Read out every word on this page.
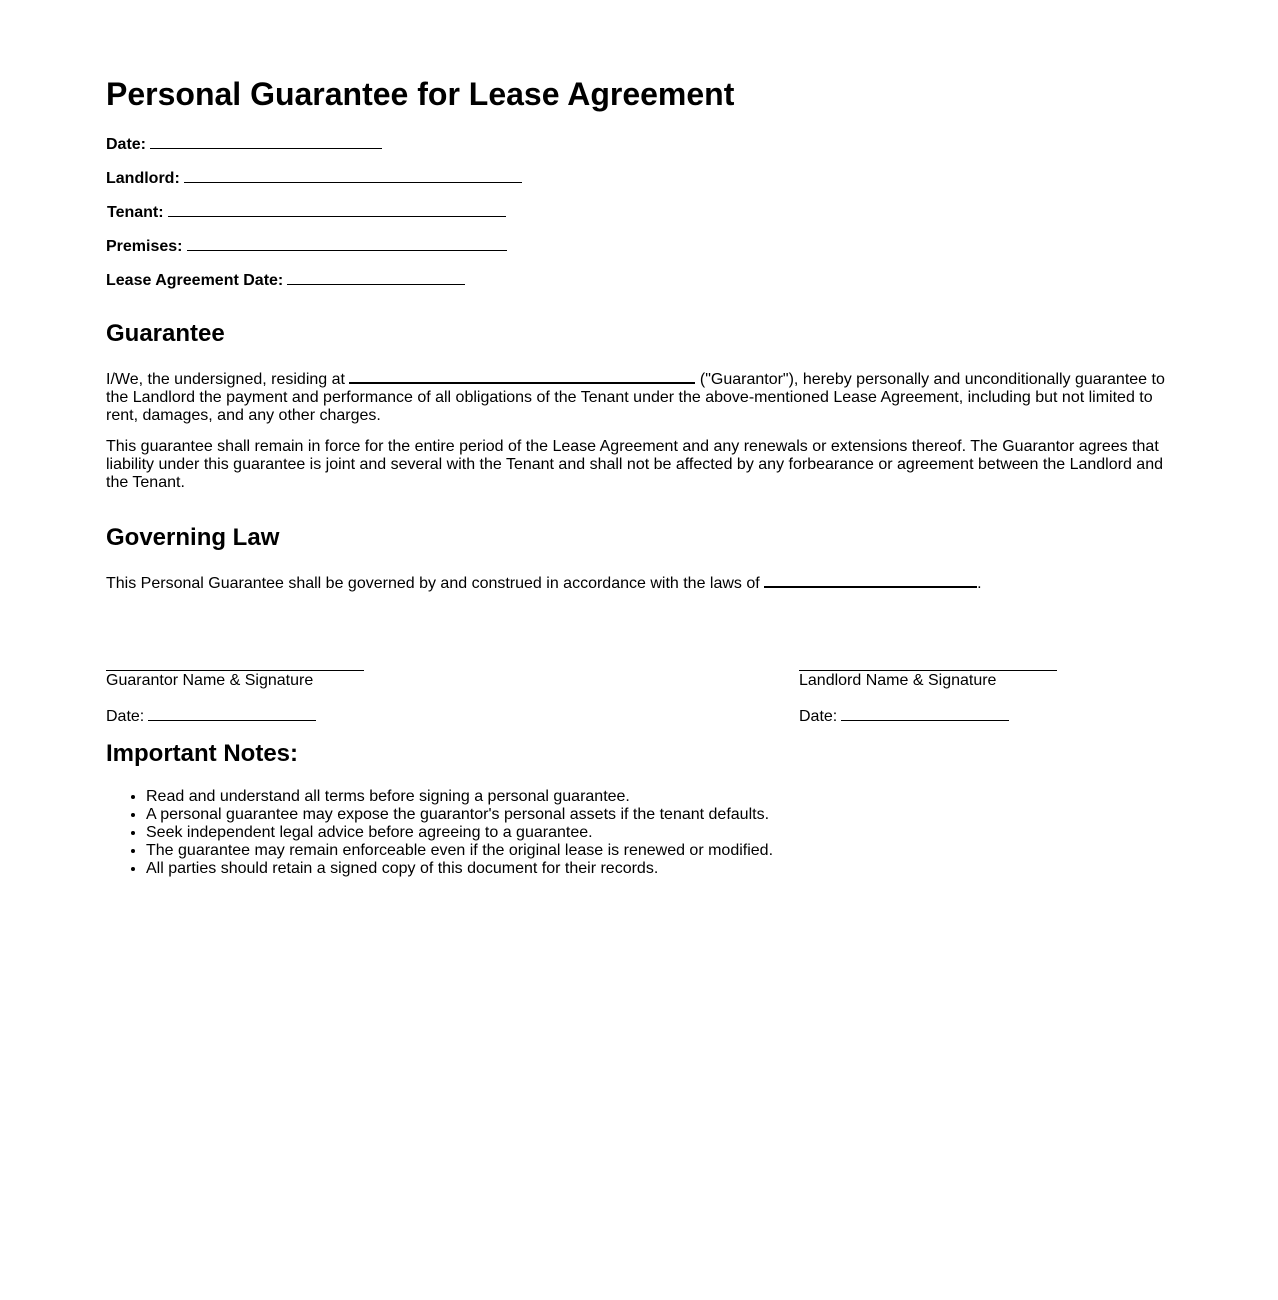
Personal Guarantee for Lease Agreement
Date:
Landlord:
Tenant:
Premises:
Lease Agreement Date:
Guarantee

I/We, the undersigned, residing at	("Guarantor"), hereby personally and unconditionally guarantee to the Landlord the payment and performance of all obligations of the Tenant under the above-mentioned Lease Agreement, including but not limited to rent, damages, and any other charges.

This guarantee shall remain in force for the entire period of the Lease Agreement and any renewals or extensions thereof. The Guarantor agrees that liability under this guarantee is joint and several with the Tenant and shall not be affected by any forbearance or agreement between the Landlord and the Tenant.

Governing Law

This Personal Guarantee shall be governed by and construed in accordance with the laws of	.

Guarantor Name & Signature
Date:
Landlord Name & Signature
Date:
Important Notes:
• Read and understand all terms before signing a personal guarantee.
• A personal guarantee may expose the guarantor's personal assets if the tenant defaults.
• Seek independent legal advice before agreeing to a guarantee.
• The guarantee may remain enforceable even if the original lease is renewed or modified.
• All parties should retain a signed copy of this document for their records.
